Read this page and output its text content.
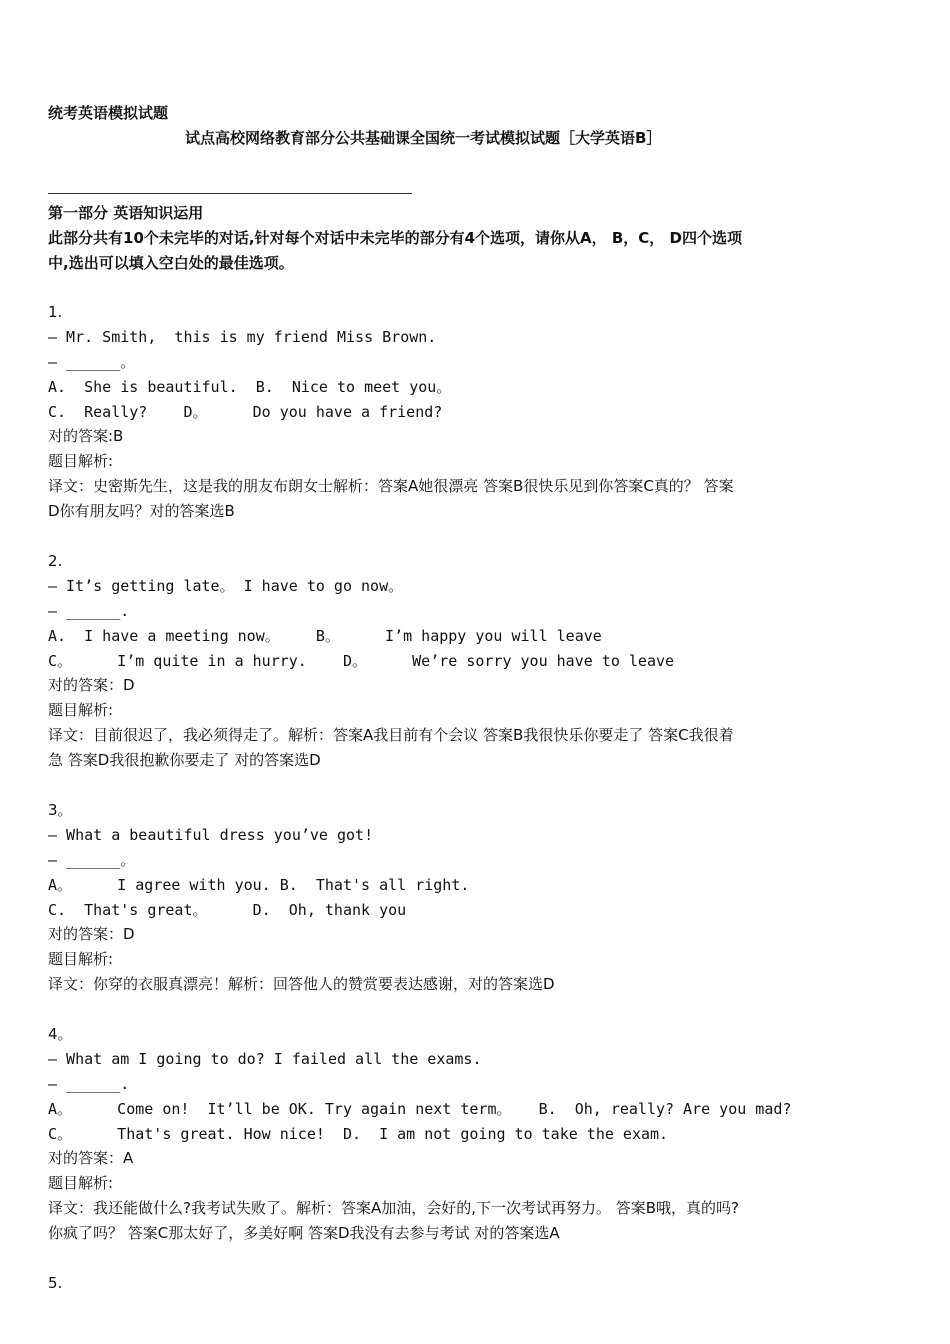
统考英语模拟试题
试点高校网络教育部分公共基础课全国统一考试模拟试题［大学英语B］
第一部分 英语知识运用
此部分共有10个未完毕的对话,针对每个对话中未完毕的部分有4个选项，请你从A， B，C， D四个选项
中,选出可以填入空白处的最佳选项。
1.
— Mr. Smith,  this is my friend Miss Brown.
— ______。
A.  She is beautiful.  B.  Nice to meet you。
C.  Really?    D。     Do you have a friend?
对的答案:B
题目解析:
译文：史密斯先生，这是我的朋友布朗女士解析：答案A她很漂亮 答案B很快乐见到你答案C真的？ 答案
D你有朋友吗？对的答案选B
2.
— It’s getting late。 I have to go now。
— ______.
A.  I have a meeting now。    B。     I’m happy you will leave
C。     I’m quite in a hurry.    D。     We’re sorry you have to leave
对的答案：D
题目解析:
译文：目前很迟了，我必须得走了。解析：答案A我目前有个会议 答案B我很快乐你要走了 答案C我很着
急 答案D我很抱歉你要走了 对的答案选D
3。
— What a beautiful dress you’ve got!
— ______。
A。     I agree with you. B.  That's all right.
C.  That's great。     D.  Oh, thank you
对的答案：D
题目解析:
译文：你穿的衣服真漂亮！解析：回答他人的赞赏要表达感谢，对的答案选D
4。
— What am I going to do? I failed all the exams.
— ______.
A。     Come on!  It’ll be OK. Try again next term。   B.  Oh, really? Are you mad?
C。     That's great. How nice!  D.  I am not going to take the exam.
对的答案：A
题目解析:
译文：我还能做什么?我考试失败了。解析：答案A加油，会好的,下一次考试再努力。 答案B哦，真的吗?
你疯了吗？ 答案C那太好了，多美好啊 答案D我没有去参与考试 对的答案选A
5.
